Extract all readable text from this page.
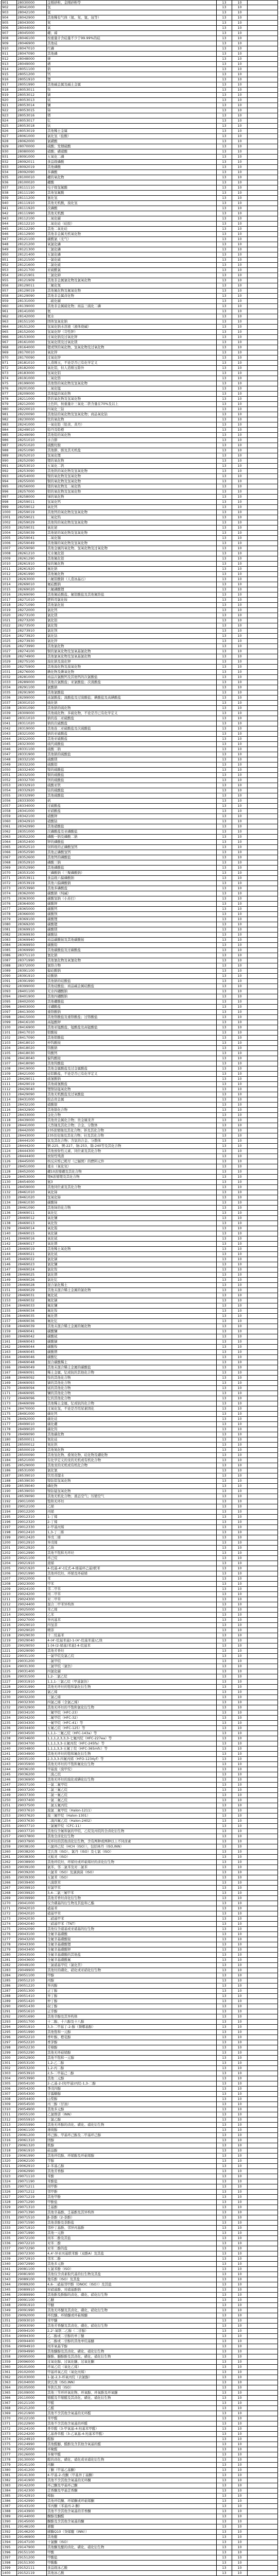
901	28030000	金刚砂粒、金刚砂粉等	13	10
902	28041000	氢	13	10
903	28042100	氩	13	10
904	28042900	其他稀有气体（氦、氖、氪、氙等）	13	10
905	28043000	氮	13	10
906	28044000	氧	13	10
907	28045000	硼；碲	13	10
908	28046100	按重量计含硅量不少于99.99%的硅	13	10
909	28046900	其他硅	13	10
910	28047010	红磷	13	10
911	28047090	其他磷	13	10
912	28048000	砷	13	10
913	28049000	硒	13	10
914	28051100	钠	13	10
915	28051200	钙	13	10
916	28051910	锂	13	10
917	28051990	其他碱金属及碱土金属	13	10
918	28053011	钕	13	10
919	28053012	镝	13	10
920	28053013	铽	13	10
921	28053014	镧	13	10
922	28053015	铈	13	10
923	28053016	镨	13	10
924	28053017	钇	13	10
925	28053018	钪	13	10
926	28053019	其他稀土金属	13	10
927	28061000	氯化氢（盐酸）	13	10
928	28062000	氯磺酸	13	10
929	28070000	硫酸；发烟硫酸	13	10
930	28080000	硝酸；磺硝酸	13	10
931	28091000	五氧化二磷	13	10
932	28092011	食品级磷酸	13	10
933	28092019	其他磷酸	13	10
934	28092090	多磷酸	13	10
935	28100010	硼的氧化物	13	10
936	28100020	硼酸	13	10
937	28111110	电子级氢氟酸	13	10
938	28111190	其他氢氟酸	13	10
939	28111200	氰化氢	13	10
940	28111910	其他无机酸，溴化氢	13	10
941	28111920	次磷酸	13	10
942	28111990	其他无机酸	13	10
943	28112100	二氧化碳	13	10
944	28112210	二氧化硅（硅胶）	13	10
945	28112290	其他二氧化硅	13	10
946	28112900	其他非金属无机氧化物	13	10
947	28121100	碳酰氯（光气）	13	10
948	28121200	氧氯化磷	13	10
949	28121300	三氯化磷	13	10
950	28121400	五氯化磷	13	10
951	28121500	一氯化硫	13	10
952	28121600	二氯化硫	13	10
953	28121700	亚硫酰氯	13	10
954	28121901	三氯化砷	13	10
955	28121909	其他非金属氯化物及氯氧化物	13	10
956	28129011	三氟化氮	13	10
957	28129019	其他氟化物及氟氧化物	13	10
958	28129090	其他非金属卤化物	13	10
959	28131000	二硫化碳	13	10
960	28139000	其他非金属硫化物；商品三硫化二磷	13	10
961	28141000	氨	13	10
962	28142000	氨水	13	10
963	28151100	固体氢氧化钠	13	10
964	28151200	氢氧化钠水溶液（液体烧碱）	13	10
965	28152000	氢氧化钾（苛性钾）	13	10
966	28153000	过氧化钠及过氧化钾	13	10
967	28161000	氢氧化镁及过氧化镁	13	10
968	28164000	锶或钡的氧化物、氢氧化物及过氧化物	13	10
969	28170010	氧化锌	13	10
970	28170090	过氧化锌	13	10
971	28181010	人造刚玉，不论是否已有化学定义	13	10
972	28182000	氧化铝，但人造刚玉除外	13	10
973	28183000	氢氧化铝	13	10
974	28191000	三氧化铬	13	10
975	28199000	其他铬的氧化物及氢氧化物	13	10
976	28201000	二氧化锰	13	10
977	28209000	其他锰的氧化物	13	10
978	28211000	铁的氧化物及氢氧化物	13	10
979	28212000	土色料，按重量计三氧化二铁含量在70%及以上	13	10
980	28220010	四氧化三钴	13	10
981	28220090	其他钴的氧化物及氢氧化物；商品氧化钴	13	10
982	28230000	钛的氧化物	13	10
983	28241000	一氧化铅（铅黄、黄丹）	13	10
984	28249010	铅丹及铅橙	13	10
985	28249090	其他铅的氧化物	13	10
986	28251010	水合肼	13	10
987	28251020	硫酸羟胺	13	10
988	28251090	其他肼、胲及其无机盐	13	10
989	28252010	氢氧化锂	13	10
990	28252090	锂的氧化物	13	10
991	28253010	五氧化二钒	13	10
992	28253090	其他钒的氧化物及氢氧化物	13	10
993	28254000	镍的氧化物及氢氧化物	13	10
994	28255000	铜的氧化物及氢氧化物	13	10
995	28256000	锗的氧化物及二氧化锆	13	10
996	28257000	钼的氧化物及氢氧化物	13	10
997	28258000	锑的氧化物	13	10
998	28259011	氢氧化钙	13	10
999	28259012	氧化钙	13	10
1000	28259019	其他钙的氧化物及氢氧化物	13	10
1001	28259021	三氧化钨	13	10
1002	28259029	其他钨的氧化物及氢氧化物	13	10
1003	28259031	氧化铋	13	10
1004	28259039	其他铋的氧化物及氢氧化物	13	10
1005	28259041	二氧化锡	13	10
1006	28259049	其他锡的氧化物及氢氧化物	13	10
1007	28259090	其他金属的氧化物、氢氧化物及过氧化物	13	10
1008	28261210	无水氟化铝	13	10
1009	28261290	其他氟化铝	13	10
1010	28261910	铵的氟化物	13	10
1011	28261920	氟化钠	13	10
1012	28261990	其他氟化物	13	10
1013	28263000	六氟铝酸钠（人造冰晶石）	13	10
1014	28269010	氟硅酸钠	13	10
1015	28269020	六氟磷酸锂	13	10
1016	28269090	其他氟硅酸盐、氟铝酸盐及其他氟络盐	13	10
1017	28271010	肥料用氯化铵	13	10
1018	28271090	其他氯化铵	13	10
1019	28272000	氯化钙	13	10
1020	28273100	氯化镁	13	10
1021	28273200	氯化铝	13	10
1022	28273500	氯化镍	13	10
1023	28273910	氯化钡	13	10
1024	28273920	氯化钴	13	10
1025	28273930	氯化锌	13	10
1026	28273990	其他氯化物	13	10
1027	28274100	铜的氯氧化物及氢氧基氯化物	13	10
1028	28274900	其他氯氧化物及氢氧基氯化物	13	10
1029	28275100	溴化钠及溴化钾	13	10
1030	28275900	其他溴化物及溴氧化物	13	10
1031	28276000	碘化物及碘氧化物	13	10
1032	28281000	商品次氯酸钙及其他钙的次氯酸盐	13	10
1033	28289000	其他次氯酸盐；亚氯酸盐；次溴酸盐	13	10
1034	28291100	氯酸钠	13	10
1035	28291900	其他氯酸盐	13	10
1036	28299000	高氯酸盐；溴酸盐及过溴酸盐；碘酸盐及高碘酸盐	13	10
1037	28301010	硫化钠	13	10
1038	28301090	其他钠的硫化物	13	10
1039	28309000	其他硫化物；多硫化物，不论是否已有化学定义	13	10
1040	28311010	钠的连二亚硫酸盐	13	10
1041	28311020	钠的次硫酸盐	13	10
1042	28319000	其他连二亚硫酸盐及次硫酸盐	13	10
1043	28321000	钠的亚硫酸盐	13	10
1044	28322000	其他亚硫酸盐	13	10
1045	28323000	硫代硫酸盐	13	10
1046	28331100	硫酸二钠	13	10
1047	28331900	其他钠的硫酸盐	13	10
1048	28332100	硫酸镁	13	10
1049	28332200	硫酸铝	13	10
1050	28332400	镍的硫酸盐	13	10
1051	28332500	铜的硫酸盐	13	10
1052	28332700	钡的硫酸盐	13	10
1053	28332910	硫酸亚铁	13	10
1054	28332920	钴的硫酸盐	13	10
1055	28332990	其他硫酸盐	13	10
1056	28333000	矾	13	10
1057	28334000	过硫酸盐	13	10
1058	28341000	亚硝酸盐	13	10
1059	28342100	硝酸钾	13	10
1060	28342910	硝酸钴	13	10
1061	28342990	其他硝酸盐	13	10
1062	28351000	次磷酸盐及亚磷酸盐	13	10
1063	28352200	磷酸一钠及磷酸二钠	13	10
1064	28352400	钾的磷酸盐	13	10
1065	28352510	饲料级的正磷酸氢钙	13	10
1066	28352590	其他正磷酸氢钙	13	10
1067	28352600	其他钙的磷酸盐	13	10
1068	28352910	磷酸三钠	13	10
1069	28352990	其他磷酸盐	13	10
1070	28353100	三磷酸钠（三聚磷酸钠）	13	10
1071	28353911	食品级六偏磷酸钠	13	10
1072	28353919	其他六偏磷酸钠	13	10
1073	28353990	其他多磷酸盐	13	10
1074	28362000	碳酸钠（纯碱）	13	10
1075	28363000	碳酸氢钠（小苏打）	13	10
1076	28364000	碳酸钾	13	10
1077	28365000	碳酸钙	13	10
1078	28366000	碳酸钡	13	10
1079	28369100	碳酸锂	13	10
1080	28369200	碳酸锶	13	10
1081	28369910	碳酸镁	13	10
1082	28369930	碳酸钴	13	10
1083	28369940	商品碳酸铵及其他碳酸铵	13	10
1084	28369950	碳酸铅	13	10
1085	28369990	其他碳酸盐及过碳酸盐	13	10
1086	28371110	氰化钠	13	10
1087	28371990	其他氰化物及氧氰化物	13	10
1088	28372000	氰络合物	13	10
1089	28391100	偏硅酸钠	13	10
1090	28391910	硅酸钠	13	10
1091	28391990	其他钠的硅酸盐	13	10
1092	28399000	其他硅酸盐；商品碱金属硅酸盐	13	10
1093	28401100	无水四硼酸钠	13	10
1094	28401900	其他四硼酸钠	13	10
1095	28402000	其他硼酸盐	13	10
1096	28403000	过硼酸盐	13	10
1097	28413000	重铬酸钠	13	10
1098	28415000	其他铬酸盐及重铬酸盐；过铬酸盐	13	10
1099	28416100	高锰酸钾	13	10
1100	28416900	其他亚锰酸盐、锰酸盐及高锰酸盐	13	10
1101	28417010	钼酸铵	13	10
1102	28417090	其他钼酸盐	13	10
1103	28418010	仲钨酸铵	13	10
1104	28418020	钨酸钠	13	10
1105	28418030	钨酸钙	13	10
1106	28418040	偏钨酸铵	13	10
1107	28418090	其他钨酸盐	13	10
1108	28419000	其他金属酸盐及过金属酸盐	13	10
1109	28421000	硅铝酸盐，不论是否已有化学定义	13	10
1110	28429011	硫氰酸钠	13	10
1111	28429019	其他硫氰酸盐	13	10
1112	28429040	锂镍钴锰氧化物	13	10
1113	28429090	其他无机酸盐及过氧酸盐	13	10
1114	28431000	胶态贵金属	13	10
1115	28432100	硝酸银	13	10
1116	28432900	其他银化合物	13	10
1117	28433000	金化合物	13	10
1118	28439000	其他贵金属化合物；贵金属汞齐	13	10
1119	28441000	天然铀及其化合物；合金、分散体	13	10
1120	28442000	235浓缩铀及其化合物；钚及其化合物	13	10
1121	28443000	235贫化铀及其化合物；钍及其化合物	13	10
1122	28444100	氚及其化合物；含氚的合金、分散体	13	10
1123	28444200	锕-225、锕-227、锎-253、锔-240等及其化合物	13	10
1124	28444300	其他放射性元素、同位素及其化合物	13	10
1125	28444400	放射性残渣	13	10
1126	28445000	核反应堆已耗尽（已辐照）的燃料元件	13	10
1127	28451000	重水（氧化氘）	13	10
1128	28452000	硼10浓缩硼及其化合物	13	10
1129	28453000	锂6浓缩锂及其化合物	13	10
1130	28454000	氦3	13	10
1131	28459000	其他同位素及其化合物	13	10
1132	28461010	氧化铈	13	10
1133	28461020	氢氧化铈	13	10
1134	28461030	碳酸铈	13	10
1135	28461090	其他铈的化合物	13	10
1136	28469011	氧化钇	13	10
1137	28469012	氧化镧	13	10
1138	28469013	氧化钕	13	10
1139	28469014	氧化铕	13	10
1140	28469015	氧化镝	13	10
1141	28469016	氧化铽	13	10
1142	28469017	氧化镨	13	10
1143	28469019	其他稀土氧化物	13	10
1144	28469021	氯化铽	13	10
1145	28469022	氯化镝	13	10
1146	28469023	氯化镧	13	10
1147	28469024	氯化钕	13	10
1148	28469025	氯化镨	13	10
1149	28469026	氯化钇	13	10
1150	28469028	混合氯化稀土	13	10
1151	28469029	其他未混合稀土金属的氯化物	13	10
1152	28469031	氟化铽	13	10
1153	28469032	氟化镝	13	10
1154	28469033	氟化镧	13	10
1155	28469034	氟化钕	13	10
1156	28469035	氟化镨	13	10
1157	28469036	氟化钇	13	10
1158	28469039	其他未混合稀土金属的氟化物	13	10
1159	28469041	碳酸镧	13	10
1160	28469042	碳酸铽	13	10
1161	28469043	碳酸镝	13	10
1162	28469044	碳酸钕	13	10
1163	28469045	碳酸镨	13	10
1164	28469046	碳酸钇	13	10
1165	28469048	混合碳酸稀土	13	10
1166	28469049	其他未混合稀土金属的碳酸盐	13	10
1167	28469091	稀土金属、钇或钪的其他化合物	13	10
1168	28469092	钕的其他化合物	13	10
1169	28469093	镝的其他化合物	13	10
1170	28469094	铽的其他化合物	13	10
1171	28469095	镧的其他化合物	13	10
1172	28469096	钇的其他化合物	13	10
1173	28469099	其他稀土金属、钇或钪的化合物	13	10
1174	28470000	过氧化氢，不论是否用尿素固化	13	10
1175	28491000	碳化钙	13	10
1176	28492000	碳化硅	13	10
1177	28499010	碳化硼	13	10
1178	28499020	碳化钨	13	10
1179	28499090	其他碳化物	13	10
1180	28500011	氮化硅	13	10
1181	28500012	氮化钒	13	10
1182	28500019	其他氮化物	13	10
1183	28500090	其他氢化物、叠氮化物、硅化物及硼化物	13	10
1184	28521000	有化学定义的汞的无机或有机化合物	13	10
1185	28529000	其他汞的无机或有机化合物	13	10
1186	28531000	氯化氰	13	10
1187	28539010	饮用蒸馏水	13	10
1188	28539030	镍钴铝氢氧化物	13	10
1189	28539040	磷化物	13	10
1190	28539050	镍钴锰氢氧化物	13	10
1191	28539090	其他无机化合物；液态空气；压缩空气	13	10
1192	29011000	饱和无环烃	13	10
1193	29012100	乙烯	13	10
1194	29012200	丙烯	13	10
1195	29012310	1-丁烯	13	10
1196	29012320	2-丁烯	13	10
1197	29012330	2-甲基丙烯	13	10
1198	29012410	1,3-丁二烯	13	10
1199	29012420	异戊二烯	13	10
1200	29012910	异戊烯	13	10
1201	29012920	乙炔	13	10
1202	29012990	其他不饱和无环烃	13	10
1203	29021100	环己烷	13	10
1204	29021910	蒎烯	13	10
1205	29021920	4-烷基-4'-(反式-4-烯基环己基)联苯	13	10
1206	29021990	其他环烷烃、环烯及环萜烯	13	10
1207	29022000	苯	13	10
1208	29023000	甲苯	13	10
1209	29024100	邻二甲苯	13	10
1210	29024200	间二甲苯	13	10
1211	29024300	对二甲苯	13	10
1212	29024400	混合二甲苯异构体	13	10
1213	29025000	苯乙烯	13	10
1214	29026000	乙苯	13	10
1215	29027000	异丙基苯	13	10
1216	29029010	四氢萘	13	10
1217	29029020	精萘	13	10
1218	29029030	十二烷基苯	13	10
1219	29029040	4-(4'-烷基苯基)-1-(4'-烷基苯基)乙炔	13	10
1220	29029050	1-[4-(2-烯基)苯基]-4-烷基苯	13	10
1221	29029090	其他芳香烃	13	10
1222	29031100	一氯甲烷及氯乙烷	13	10
1223	29031200	二氯甲烷	13	10
1224	29031300	三氯甲烷（氯仿）	13	10
1225	29031400	四氯化碳	13	10
1226	29031500	1,2-二氯乙烷	13	10
1227	29031910	1,1,1-三氯乙烷（甲基氯仿）	13	10
1228	29031990	其他无环烃的饱和氯化衍生物	13	10
1229	29032100	氯乙烯	13	10
1230	29032200	三氯乙烯	13	10
1231	29032300	四氯乙烯（全氯乙烯）	13	10
1232	29032900	其他无环烃的不饱和氯化衍生物	13	10
1233	29034100	三氟甲烷（HFC-23）	13	10
1234	29034200	二氟甲烷（HFC-32）	13	10
1235	29034300	一氟甲烷（HFC-41）等	13	10
1236	29034400	五氟乙烷（HFC-125）等	13	10
1237	29034500	1,1,1-三氟乙烷（HFC-143a）等	13	10
1238	29034600	1,1,1,2,3,3,3-七氟丙烷（HFC-227ea）等	13	10
1239	29034700	1,1,1,3,3-五氟丙烷（HFC-245fa）等	13	10
1240	29034800	1,1,1,3,3-五氟丁烷（HFC-365mfc）等	13	10
1241	29034900	其他无环烃的饱和氟化衍生物	13	10
1242	29035100	2,3,3,3-四氟丙烯（HFO-1234yf）等	13	10
1243	29035900	其他无环烃的不饱和氟化衍生物	13	10
1244	29036100	甲基溴（溴甲烷）	13	10
1245	29036200	二溴乙烷	13	10
1246	29036900	其他无环烃的溴化或碘化衍生物	13	10
1247	29037100	一氯二氟甲烷	13	10
1248	29037200	二氯三氟乙烷	13	10
1249	29037300	二氯一氟乙烷	13	10
1250	29037400	一氯二氟乙烷	13	10
1251	29037500	二氯五氟丙烷	13	10
1252	29037610	溴氯二氟甲烷（Halon-1211）	13	10
1253	29037620	溴三氟甲烷（Halon-1301）	13	10
1254	29037630	二溴四氟乙烷（Halon-2402）	13	10
1255	29037710	三氯氟甲烷（CFC-11）	13	10
1256	29037720	其他仅含氟和氯的甲烷、乙烷及丙烷的全卤化衍生物	13	10
1257	29037800	其他全卤化衍生物	13	10
1258	29037900	无环烃的其他卤化衍生物，含有两种或两种以上不同卤素	13	10
1259	29038100	六氯环己烷（HCH（ISO）），包括林丹（ISO,INN）	13	10
1260	29038200	艾氏剂（ISO）、氯丹（ISO）及七氯（ISO）	13	10
1261	29038300	灭蚁灵（ISO）	13	10
1262	29038900	其他环烷烃、环烯烃或环萜烯烃的卤化衍生物	13	10
1263	29039100	氯苯、邻二氯苯及对二氯苯	13	10
1264	29039200	六氯苯（ISO）及滴滴涕（ISO）	13	10
1265	29039300	五氯苯（ISO）	13	10
1266	29039400	六溴联苯	13	10
1267	29039910	对氯甲苯	13	10
1268	29039920	3,4-二氯三氟甲苯	13	10
1269	29039990	其他芳香烃卤化衍生物	13	10
1270	29041000	仅含磺基的衍生物及其盐和乙酯	13	10
1271	29042010	硝基苯	13	10
1272	29042020	硝基甲苯	13	10
1273	29042030	二硝基甲苯	13	10
1274	29042040	三硝基甲苯（TNT）	13	10
1275	29042090	其他仅含硝基或亚硝基的衍生物	13	10
1276	29043100	全氟辛基磺酸	13	10
1277	29043200	全氟辛基磺酸铵	13	10
1278	29043300	全氟辛基磺酸锂	13	10
1279	29043400	全氟辛基磺酸钾	13	10
1280	29043500	全氟辛基磺酸的其他盐	13	10
1281	29043600	全氟辛基磺酰氟	13	10
1282	29049100	三氯硝基甲烷（氯化苦）	13	10
1283	29049900	其他烃的磺化、硝化或亚硝化衍生物	13	10
1284	29051100	甲醇	13	10
1285	29051210	丙醇	13	10
1286	29051220	异丙醇	13	10
1287	29051300	正丁醇	13	10
1288	29051410	异丁醇	13	10
1289	29051420	仲丁醇	13	10
1290	29051430	叔丁醇	13	10
1291	29051610	正辛醇	13	10
1292	29051690	其他辛醇及其异构体	13	10
1293	29051700	十二醇、十六醇及十八醇	13	10
1294	29051910	3,3-二甲基丁-2-醇（频哪基醇）	13	10
1295	29051990	其他饱和一元醇	13	10
1296	29052210	香叶醇、橙花醇	13	10
1297	29052220	香茅醇	13	10
1298	29052230	芳樟醇	13	10
1299	29052290	其他无环萜烯醇	13	10
1300	29052900	其他不饱和一元醇	13	10
1301	29053100	1,2-乙二醇	13	10
1302	29053200	1,2-丙二醇	13	10
1303	29053910	2,5-二甲基己二醇	13	10
1304	29053990	其他二元醇	13	10
1305	29054100	2-乙基-2-(羟甲基)丙烷-1,3-二醇	13	10
1306	29054200	季戊四醇	13	10
1307	29054300	甘露糖醇	13	10
1308	29054400	山梨醇	13	10
1309	29054500	丙三醇（甘油）	13	10
1310	29054900	其他多元醇	13	10
1311	29055100	乙氯维诺（INN）	13	10
1312	29055910	三氯乙醇	13	10
1313	29055990	其他无环醇的卤化、磺化、硝化衍生物	13	10
1314	29061100	薄荷醇	13	10
1315	29061200	环己醇、甲基环己醇及二甲基环己醇	13	10
1316	29061310	固醇	13	10
1317	29061320	肌醇	13	10
1318	29061910	萜品醇	13	10
1319	29061990	其他环烷醇、环烯醇及环萜烯醇	13	10
1320	29062100	苄醇	13	10
1321	29062910	2-苯基乙醇	13	10
1322	29062990	其他芳香醇	13	10
1323	29071110	苯酚	13	10
1324	29071190	苯酚盐	13	10
1325	29071211	间甲酚	13	10
1326	29071212	邻甲酚	13	10
1327	29071219	其他甲酚	13	10
1328	29071290	甲酚盐	13	10
1329	29071310	壬基酚	13	10
1330	29071390	其他辛基酚、壬基酚及其异构体	13	10
1331	29071510	β-萘酚（2-萘酚）	13	10
1332	29071590	其他萘酚及萘酚盐	13	10
1333	29071910	邻仲丁基酚、邻异丙基酚	13	10
1334	29071990	其他一元酚	13	10
1335	29072100	间苯二酚及其盐	13	10
1336	29072210	对苯二酚	13	10
1337	29072290	对苯二酚的盐	13	10
1338	29072300	4,4'-异亚丙基联苯酚（双酚A）及其盐	13	10
1339	29072910	邻苯二酚	13	10
1340	29072990	其他多元酚	13	10
1341	29081100	五氯苯酚（ISO）	13	10
1342	29081900	其他仅含卤素取代基的衍生物及其盐	13	10
1343	29089100	地乐酚（ISO）及其盐	13	10
1344	29089200	4,6-二硝基邻甲酚（DNOC（ISO））及其盐	13	10
1345	29089910	对硝基酚、对硝基酚钠	13	10
1346	29089990	其他酚及酚醇的卤化、磺化、硝化衍生物	13	10
1347	29091100	乙醚	13	10
1348	29091910	甲醚	13	10
1349	29091990	其他无环醚及其卤化、磺化、硝化衍生物	13	10
1350	29092000	环烷醚、环烯醚或环萜烯醚	13	10
1351	29093010	苯甲醚	13	10
1352	29093090	其他芳香醚及其卤化、磺化、硝化衍生物	13	10
1353	29094100	2,2'-氧联二乙醇（二甘醇）	13	10
1354	29094300	乙二醇或二甘醇的单丁醚	13	10
1355	29094400	乙二醇或二甘醇的其他单烷基醚	13	10
1356	29094910	间苯氧基苄醇	13	10
1357	29094990	其他醚醇及其卤化、磺化、硝化衍生物	13	10
1358	29095000	醚酚、醚醇酚及其卤化、磺化、硝化衍生物	13	10
1359	29096000	过氧化醇、过氧化醚、过氧化酮	13	10
1360	29101000	环氧乙烷（氧化乙烯）	13	10
1361	29102000	甲基环氧乙烷（氧化丙烯）	13	10
1362	29103000	1-氯-2,3-环氧丙烷（表氯醇）	13	10
1363	29104000	狄氏剂（ISO,INN）	13	10
1364	29105000	异狄氏剂（ISO）	13	10
1365	29109000	其他三节环环氧化物、环氧醇、环氧酚及环氧醚	13	10
1366	29110000	缩醛及半缩醛及其卤化、磺化、硝化衍生物	13	10
1367	29121100	甲醛	13	10
1368	29121200	乙醛	13	10
1369	29121900	其他不含其他含氧基的无环醛	13	10
1370	29122100	苯甲醛	13	10
1371	29122900	其他不含其他含氧基的环醛	13	10
1372	29124100	香草醛（3-甲氧基-4-羟基苯甲醛）	13	10
1373	29124200	乙基香草醛（3-乙氧基-4-羟基苯甲醛）	13	10
1374	29124910	醛醇	13	10
1375	29124990	其他醛醚、醛酚及含其他含氧基的醛	13	10
1376	29125000	环聚醛	13	10
1377	29126000	多聚甲醛	13	10
1378	29130000	醛的卤化、磺化、硝化或亚硝化衍生物	13	10
1379	29141100	丙酮	13	10
1380	29141200	丁酮（甲基乙基酮）	13	10
1381	29141300	4-甲基-2-戊酮（甲基异丁基酮）	13	10
1382	29141900	其他不含其他含氧基的无环酮	13	10
1383	29142200	环己酮及甲基环己酮	13	10
1384	29142300	芷香酮及甲基芷香酮	13	10
1385	29142910	樟脑	13	10
1386	29142990	其他环烷酮、环烯酮或环萜烯酮	13	10
1387	29143100	苯丙酮（苯基丙-2-酮）	13	10
1388	29143900	其他不含其他含氧基的芳香酮	13	10
1389	29144000	酮醇及酮醛	13	10
1390	29145000	酮酚及含其他含氧基的酮	13	10
1391	29146100	蒽醌	13	10
1392	29146200	辅酶Q10（癸烯醌（INN））	13	10
1393	29146900	其他醌	13	10
1394	29147100	十氯酮（ISO）	13	10
1395	29147900	其他酮及醌的卤化、磺化、硝化衍生物	13	10
1396	29151100	甲酸	13	10
1397	29151200	甲酸盐	13	10
1398	29151300	甲酸酯	13	10
1399	29152111	食品级冰乙酸	13	10
1400	29152119	其他冰乙酸	13	10
